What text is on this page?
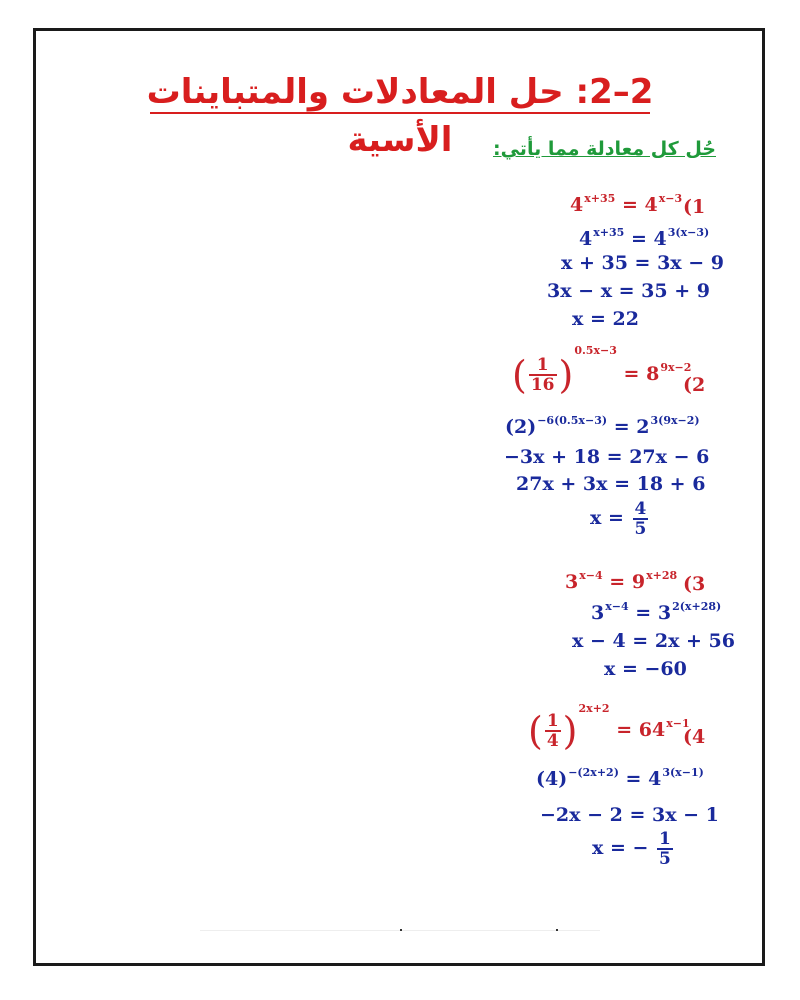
2–2: حل المعادلات والمتباينات الأسية	حُل كل معادلة مما يأتي:

(1
$4^{x+35} = 4^{x-3}$
$4^{x+35} = 4^{3(x-3)}$
x + 35 = 3x − 9
3x − x = 35 + 9
x = 22
(2
( $\frac{1}{16} )^{0.5x-3} = 8^{9x-2}$
$(2)^{-6(0.5x-3)} = 2^{3(9x-2)}$
−3x + 18 = 27x − 6
27x + 3x = 18 + 6
$x = \frac{4}{5}$
(3
$3^{x-4} = 9^{x+28}$
$3^{x-4} = 3^{2(x+28)}$
x − 4 = 2x + 56
x = −60
(4
( $\frac{1}{4} )^{2x+2} = 64^{x-1}$
$(4)^{-(2x+2)} = 4^{3(x-1)}$
−2x − 2 = 3x − 1
x = − $\frac{1}{5}$
